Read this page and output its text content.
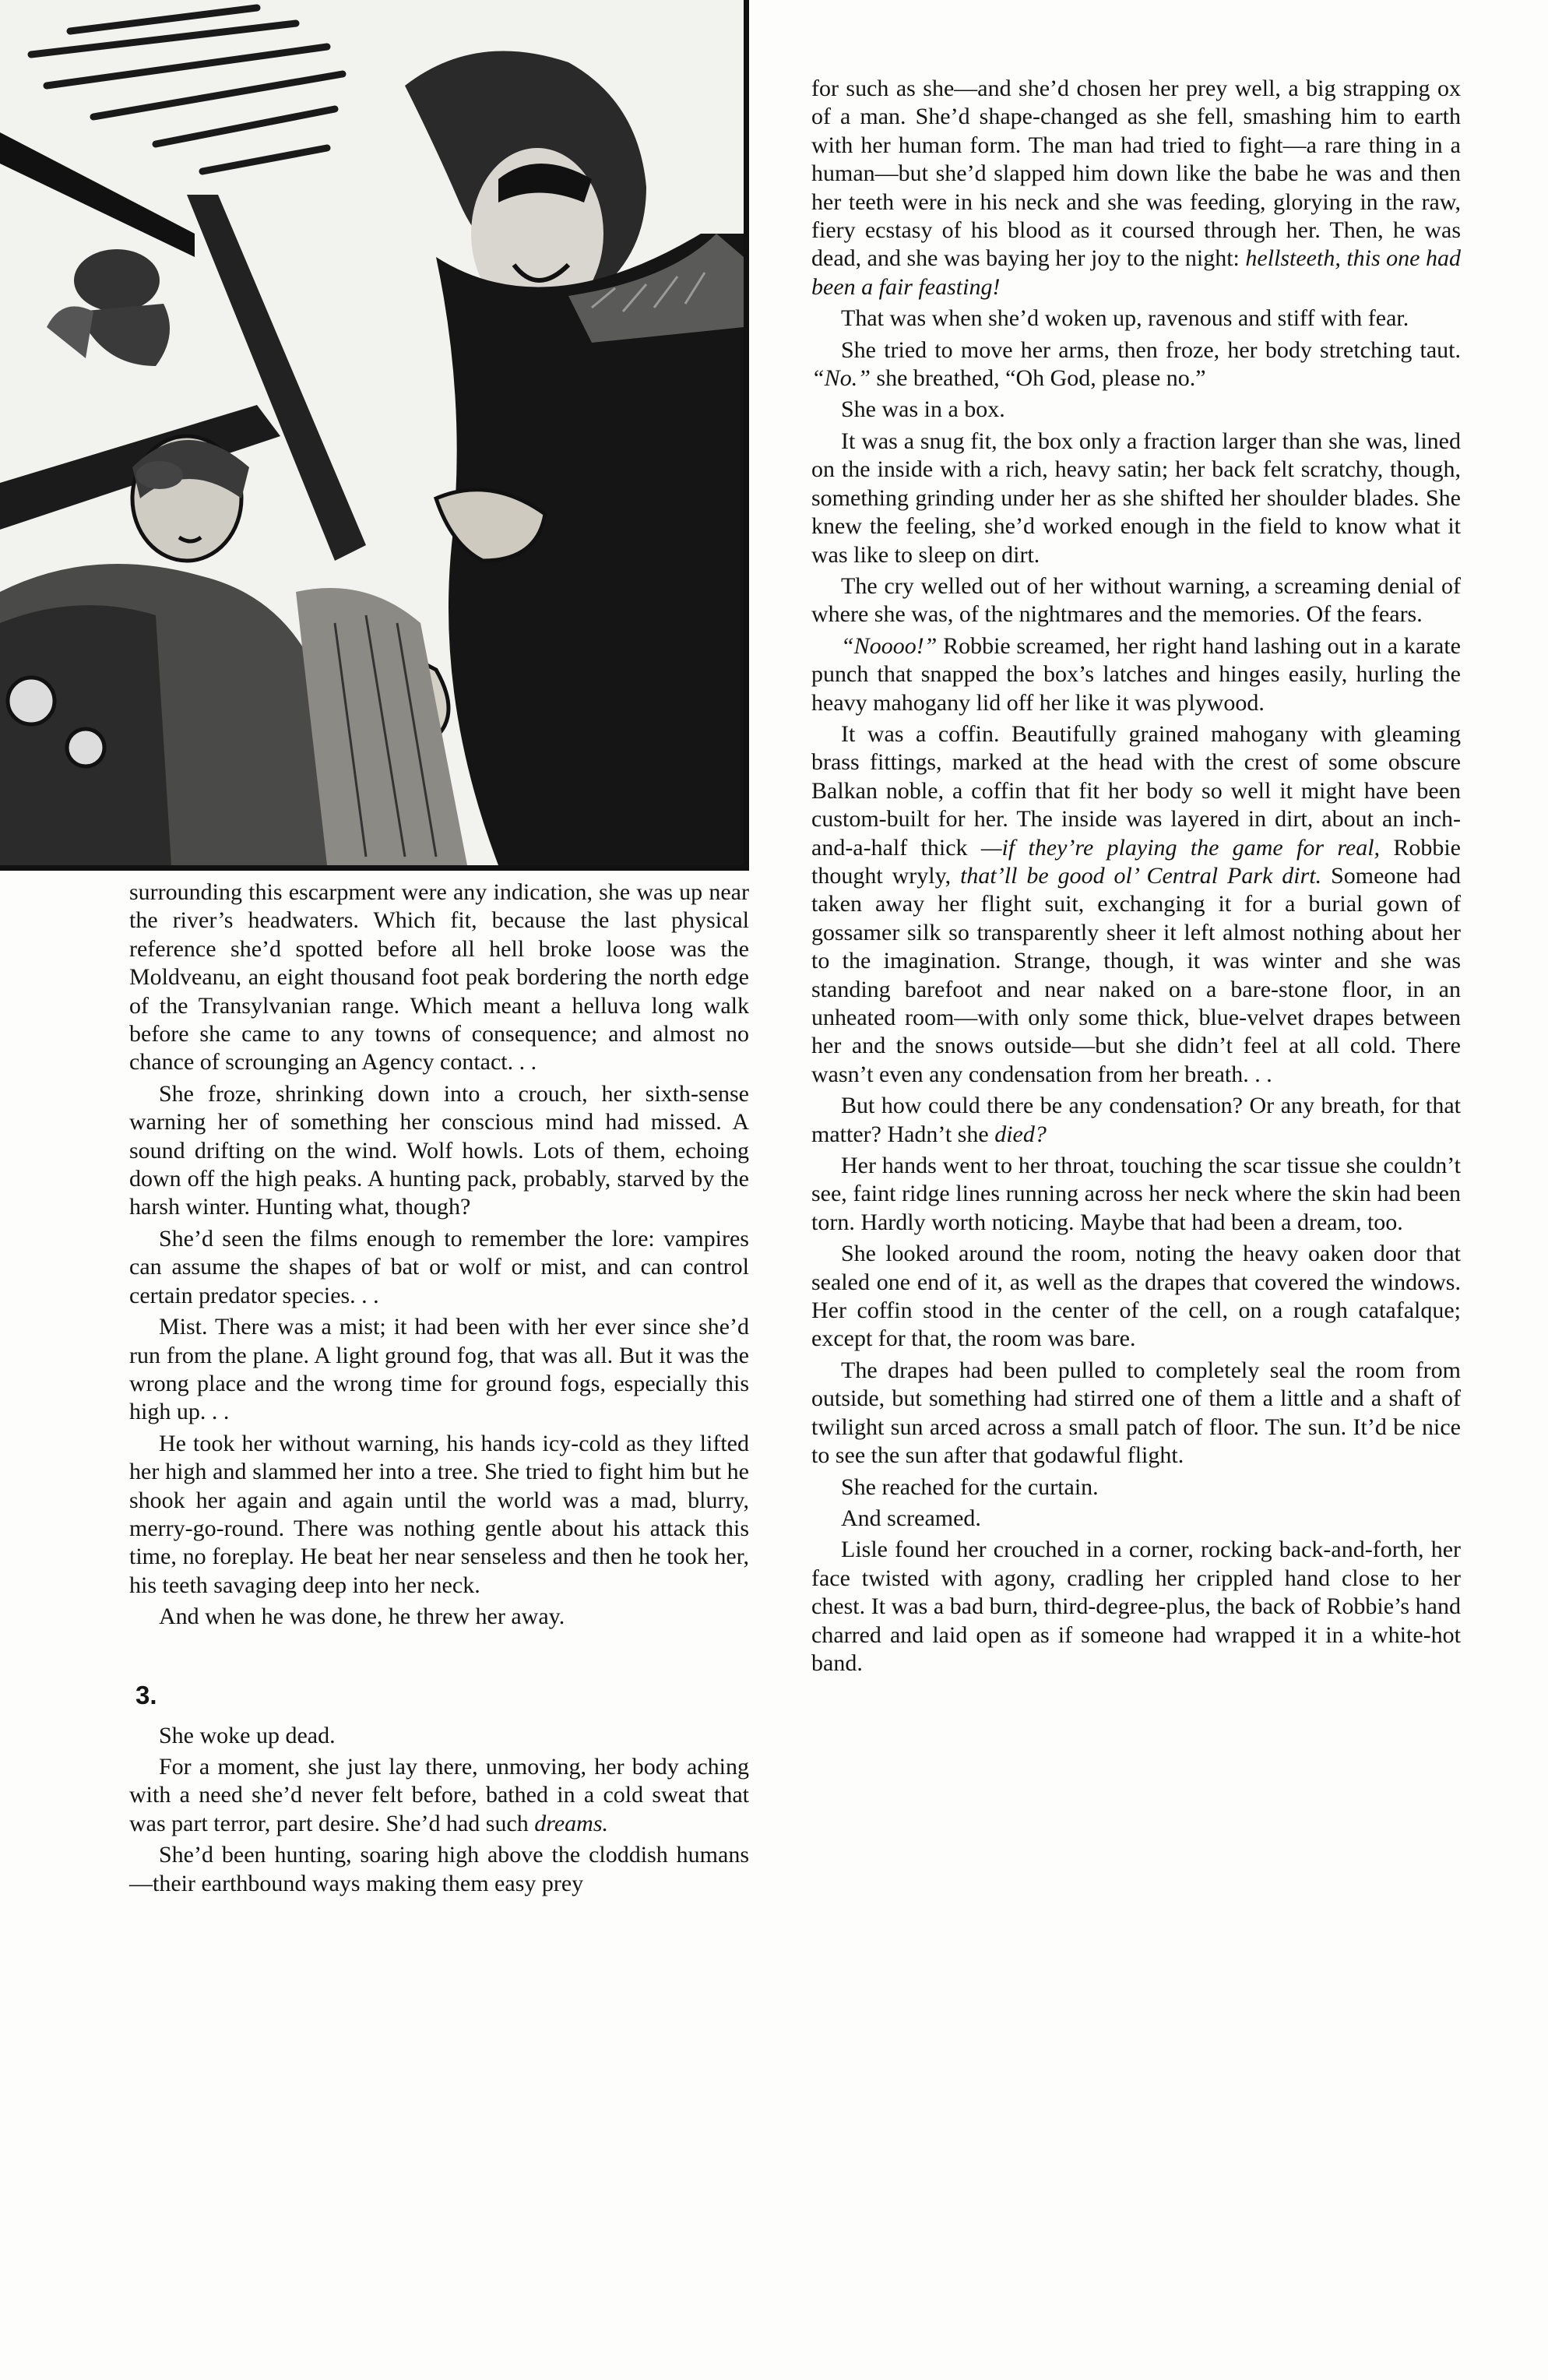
surrounding this escarpment were any indication, she was up near the river’s headwaters. Which fit, because the last physical reference she’d spotted before all hell broke loose was the Moldveanu, an eight thousand foot peak bordering the north edge of the Transylvanian range. Which meant a helluva long walk before she came to any towns of consequence; and almost no chance of scrounging an Agency contact. . .

She froze, shrinking down into a crouch, her sixth-sense warning her of something her conscious mind had missed. A sound drifting on the wind. Wolf howls. Lots of them, echoing down off the high peaks. A hunting pack, probably, starved by the harsh winter. Hunting what, though?

She’d seen the films enough to remember the lore: vampires can assume the shapes of bat or wolf or mist, and can control certain predator species. . .

Mist. There was a mist; it had been with her ever since she’d run from the plane. A light ground fog, that was all. But it was the wrong place and the wrong time for ground fogs, especially this high up. . .

He took her without warning, his hands icy-cold as they lifted her high and slammed her into a tree. She tried to fight him but he shook her again and again until the world was a mad, blurry, merry-go-round. There was nothing gentle about his attack this time, no foreplay. He beat her near senseless and then he took her, his teeth savaging deep into her neck.

And when he was done, he threw her away.

3.

She woke up dead.

For a moment, she just lay there, unmoving, her body aching with a need she’d never felt before, bathed in a cold sweat that was part terror, part desire. She’d had such dreams.

She’d been hunting, soaring high above the cloddish humans—their earthbound ways making them easy prey

for such as she—and she’d chosen her prey well, a big strapping ox of a man. She’d shape-changed as she fell, smashing him to earth with her human form. The man had tried to fight—a rare thing in a human—but she’d slapped him down like the babe he was and then her teeth were in his neck and she was feeding, glorying in the raw, fiery ecstasy of his blood as it coursed through her. Then, he was dead, and she was baying her joy to the night: hellsteeth, this one had been a fair feasting!

That was when she’d woken up, ravenous and stiff with fear.

She tried to move her arms, then froze, her body stretching taut. “No.” she breathed, “Oh God, please no.”

She was in a box.

It was a snug fit, the box only a fraction larger than she was, lined on the inside with a rich, heavy satin; her back felt scratchy, though, something grinding under her as she shifted her shoulder blades. She knew the feeling, she’d worked enough in the field to know what it was like to sleep on dirt.

The cry welled out of her without warning, a screaming denial of where she was, of the nightmares and the memories. Of the fears.

“Noooo!” Robbie screamed, her right hand lashing out in a karate punch that snapped the box’s latches and hinges easily, hurling the heavy mahogany lid off her like it was plywood.

It was a coffin. Beautifully grained mahogany with gleaming brass fittings, marked at the head with the crest of some obscure Balkan noble, a coffin that fit her body so well it might have been custom-built for her. The inside was layered in dirt, about an inch-and-a-half thick —if they’re playing the game for real, Robbie thought wryly, that’ll be good ol’ Central Park dirt. Someone had taken away her flight suit, exchanging it for a burial gown of gossamer silk so transparently sheer it left almost nothing about her to the imagination. Strange, though, it was winter and she was standing barefoot and near naked on a bare-stone floor, in an unheated room—with only some thick, blue-velvet drapes between her and the snows outside—but she didn’t feel at all cold. There wasn’t even any condensation from her breath. . .

But how could there be any condensation? Or any breath, for that matter? Hadn’t she died?

Her hands went to her throat, touching the scar tissue she couldn’t see, faint ridge lines running across her neck where the skin had been torn. Hardly worth noticing. Maybe that had been a dream, too.

She looked around the room, noting the heavy oaken door that sealed one end of it, as well as the drapes that covered the windows. Her coffin stood in the center of the cell, on a rough catafalque; except for that, the room was bare.

The drapes had been pulled to completely seal the room from outside, but something had stirred one of them a little and a shaft of twilight sun arced across a small patch of floor. The sun. It’d be nice to see the sun after that godawful flight.

She reached for the curtain.

And screamed.

Lisle found her crouched in a corner, rocking back-and-forth, her face twisted with agony, cradling her crippled hand close to her chest. It was a bad burn, third-degree-plus, the back of Robbie’s hand charred and laid open as if someone had wrapped it in a white-hot band.
